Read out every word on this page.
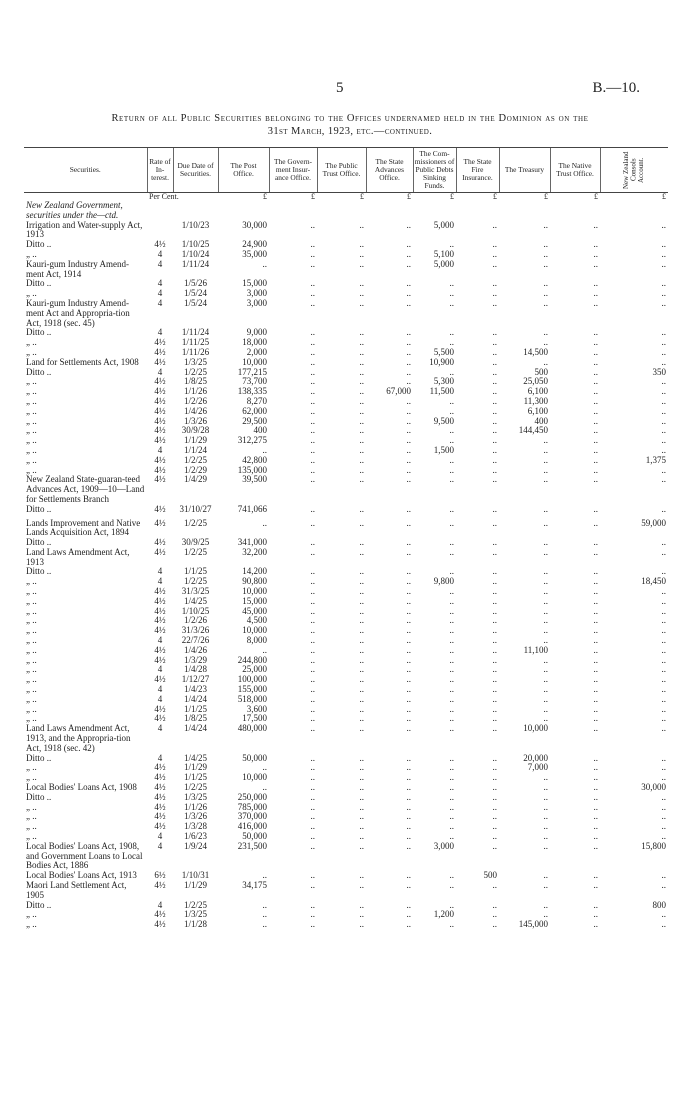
5	B.—10.
Return of all Public Securities belonging to the Offices undernamed held in the Dominion as on the
31st March, 1923, etc.—continued.
Securities.	Rate of In-terest.	Due Date of Securities.	The Post Office.	The Govern-ment Insur-ance Office.	The Public Trust Office.	The State Advances Office.	The Com-missioners of Public Debts Sinking Funds.	The State Fire Insurance.	The Treasury	The Native Trust Office.	New Zealand Consols Account.

	Per Cent.		£	£	£	£	£	£	£	£	£
New Zealand Government, securities under the—ctd.											
Irrigation and Water-supply Act, 1913		1/10/23	30,000	..	..	..	5,000	..	..	..	..
Ditto ..	4½	1/10/25	24,900	..	..	..	..	..	..	..	..
„ ..	4	1/10/24	35,000	..	..	..	5,100	..	..	..	..
Kauri-gum Industry Amend-ment Act, 1914	4	1/11/24	..	..	..	..	5,000	..	..	..	..
Ditto ..	4	1/5/26	15,000	..	..	..	..	..	..	..	..
„ ..	4	1/5/24	3,000	..	..	..	..	..	..	..	..
Kauri-gum Industry Amend-ment Act and Appropria-tion Act, 1918 (sec. 45)	4	1/5/24	3,000	..	..	..	..	..	..	..	..
Ditto ..	4	1/11/24	9,000	..	..	..	..	..	..	..	..
„ ..	4½	1/11/25	18,000	..	..	..	..	..	..	..	..
„ ..	4½	1/11/26	2,000	..	..	..	5,500	..	14,500	..	..
Land for Settlements Act, 1908	4½	1/3/25	10,000	..	..	..	10,900	..	..	..	..
Ditto ..	4	1/2/25	177,215	..	..	..	..	..	500	..	350
„ ..	4½	1/8/25	73,700	..	..	..	5,300	..	25,050	..	..
„ ..	4½	1/1/26	138,335	..	..	67,000	11,500	..	6,100	..	..
„ ..	4½	1/2/26	8,270	..	..	..	..	..	11,300	..	..
„ ..	4½	1/4/26	62,000	..	..	..	..	..	6,100	..	..
„ ..	4½	1/3/26	29,500	..	..	..	9,500	..	400	..	..
„ ..	4½	30/9/28	400	..	..	..	..	..	144,450	..	..
„ ..	4½	1/1/29	312,275	..	..	..	..	..	..	..	..
„ ..	4	1/1/24	..	..	..	..	1,500	..	..	..	..
„ ..	4½	1/2/25	42,800	..	..	..	..	..	..	..	1,375
„ ..	4½	1/2/29	135,000	..	..	..	..	..	..	..	..
New Zealand State-guaran-teed Advances Act, 1909—10—Land for Settlements Branch	4½	1/4/29	39,500	..	..	..	..	..	..	..	..
Ditto ..	4½	31/10/27	741,066	..	..	..	..	..	..	..	..

Lands Improvement and Native Lands Acquisition Act, 1894	4½	1/2/25	..	..	..	..	..	..	..	..	59,000
Ditto ..	4½	30/9/25	341,000	..	..	..	..	..	..	..	..
Land Laws Amendment Act, 1913	4½	1/2/25	32,200	..	..	..	..	..	..	..	..
Ditto ..	4	1/1/25	14,200	..	..	..	..	..	..	..	..
„ ..	4	1/2/25	90,800	..	..	..	9,800	..	..	..	18,450
„ ..	4½	31/3/25	10,000	..	..	..	..	..	..	..	..
„ ..	4½	1/4/25	15,000	..	..	..	..	..	..	..	..
„ ..	4½	1/10/25	45,000	..	..	..	..	..	..	..	..
„ ..	4½	1/2/26	4,500	..	..	..	..	..	..	..	..
„ ..	4½	31/3/26	10,000	..	..	..	..	..	..	..	..
„ ..	4	22/7/26	8,000	..	..	..	..	..	..	..	..
„ ..	4½	1/4/26	..	..	..	..	..	..	11,100	..	..
„ ..	4½	1/3/29	244,800	..	..	..	..	..	..	..	..
„ ..	4	1/4/28	25,000	..	..	..	..	..	..	..	..
„ ..	4½	1/12/27	100,000	..	..	..	..	..	..	..	..
„ ..	4	1/4/23	155,000	..	..	..	..	..	..	..	..
„ ..	4	1/4/24	518,000	..	..	..	..	..	..	..	..
„ ..	4½	1/1/25	3,600	..	..	..	..	..	..	..	..
„ ..	4½	1/8/25	17,500	..	..	..	..	..	..	..	..
Land Laws Amendment Act, 1913, and the Appropria-tion Act, 1918 (sec. 42)	4	1/4/24	480,000	..	..	..	..	..	10,000	..	..
Ditto ..	4	1/4/25	50,000	..	..	..	..	..	20,000	..	..
„ ..	4½	1/1/29	..	..	..	..	..	..	7,000	..	..
„ ..	4½	1/1/25	10,000	..	..	..	..	..	..	..	..
Local Bodies' Loans Act, 1908	4½	1/2/25	..	..	..	..	..	..	..	..	30,000
Ditto ..	4½	1/3/25	250,000	..	..	..	..	..	..	..	..
„ ..	4½	1/1/26	785,000	..	..	..	..	..	..	..	..
„ ..	4½	1/3/26	370,000	..	..	..	..	..	..	..	..
„ ..	4½	1/3/28	416,000	..	..	..	..	..	..	..	..
„ ..	4	1/6/23	50,000	..	..	..	..	..	..	..	..
Local Bodies' Loans Act, 1908, and Government Loans to Local Bodies Act, 1886	4	1/9/24	231,500	..	..	..	3,000	..	..	..	15,800
Local Bodies' Loans Act, 1913	6½	1/10/31	..	..	..	..	..	500	..	..	..
Maori Land Settlement Act, 1905	4½	1/1/29	34,175	..	..	..	..	..	..	..	..
Ditto ..	4	1/2/25	..	..	..	..	..	..	..	..	800
„ ..	4½	1/3/25	..	..	..	..	1,200	..	..	..	..
„ ..	4½	1/1/28	..	..	..	..	..	..	145,000	..	..
